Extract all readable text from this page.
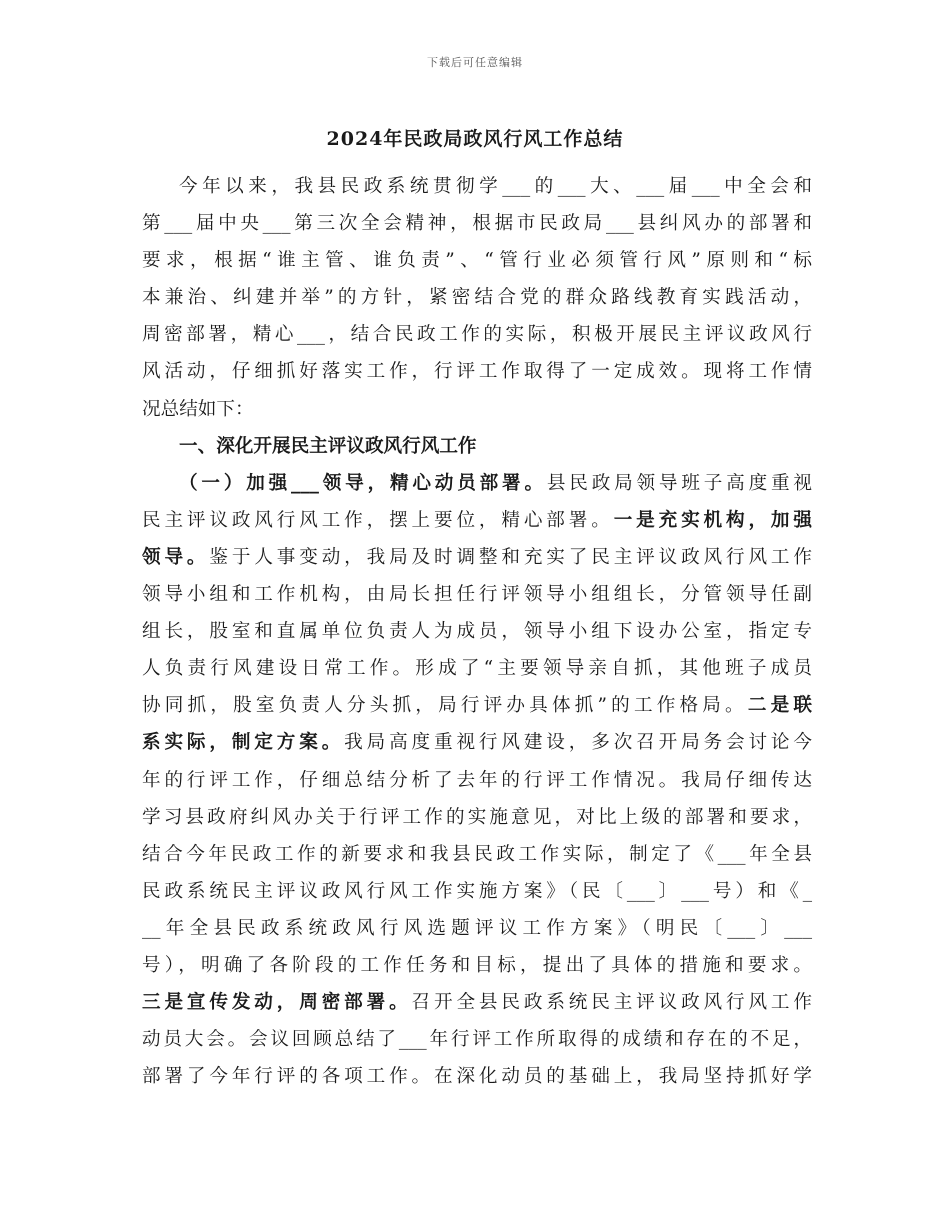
下载后可任意编辑
2024年民政局政风行风工作总结
今年以来，我县民政系统贯彻学___的___大、___届___中全会和
第___届中央___第三次全会精神，根据市民政局___县纠风办的部署和
要求，根据“谁主管、谁负责”、“管行业必须管行风”原则和“标
本兼治、纠建并举”的方针，紧密结合党的群众路线教育实践活动，
周密部署，精心___，结合民政工作的实际，积极开展民主评议政风行
风活动，仔细抓好落实工作，行评工作取得了一定成效。现将工作情
况总结如下：
一、深化开展民主评议政风行风工作
（一）加强___领导，精心动员部署。县民政局领导班子高度重视
民主评议政风行风工作，摆上要位，精心部署。一是充实机构，加强
领导。鉴于人事变动，我局及时调整和充实了民主评议政风行风工作
领导小组和工作机构，由局长担任行评领导小组组长，分管领导任副
组长，股室和直属单位负责人为成员，领导小组下设办公室，指定专
人负责行风建设日常工作。形成了“主要领导亲自抓，其他班子成员
协同抓，股室负责人分头抓，局行评办具体抓”的工作格局。二是联
系实际，制定方案。我局高度重视行风建设，多次召开局务会讨论今
年的行评工作，仔细总结分析了去年的行评工作情况。我局仔细传达
学习县政府纠风办关于行评工作的实施意见，对比上级的部署和要求，
结合今年民政工作的新要求和我县民政工作实际，制定了《___年全县
民政系统民主评议政风行风工作实施方案》（民〔___〕___号）和《_
__年全县民政系统政风行风选题评议工作方案》（明民〔___〕___
号），明确了各阶段的工作任务和目标，提出了具体的措施和要求。
三是宣传发动，周密部署。召开全县民政系统民主评议政风行风工作
动员大会。会议回顾总结了___年行评工作所取得的成绩和存在的不足，
部署了今年行评的各项工作。在深化动员的基础上，我局坚持抓好学
